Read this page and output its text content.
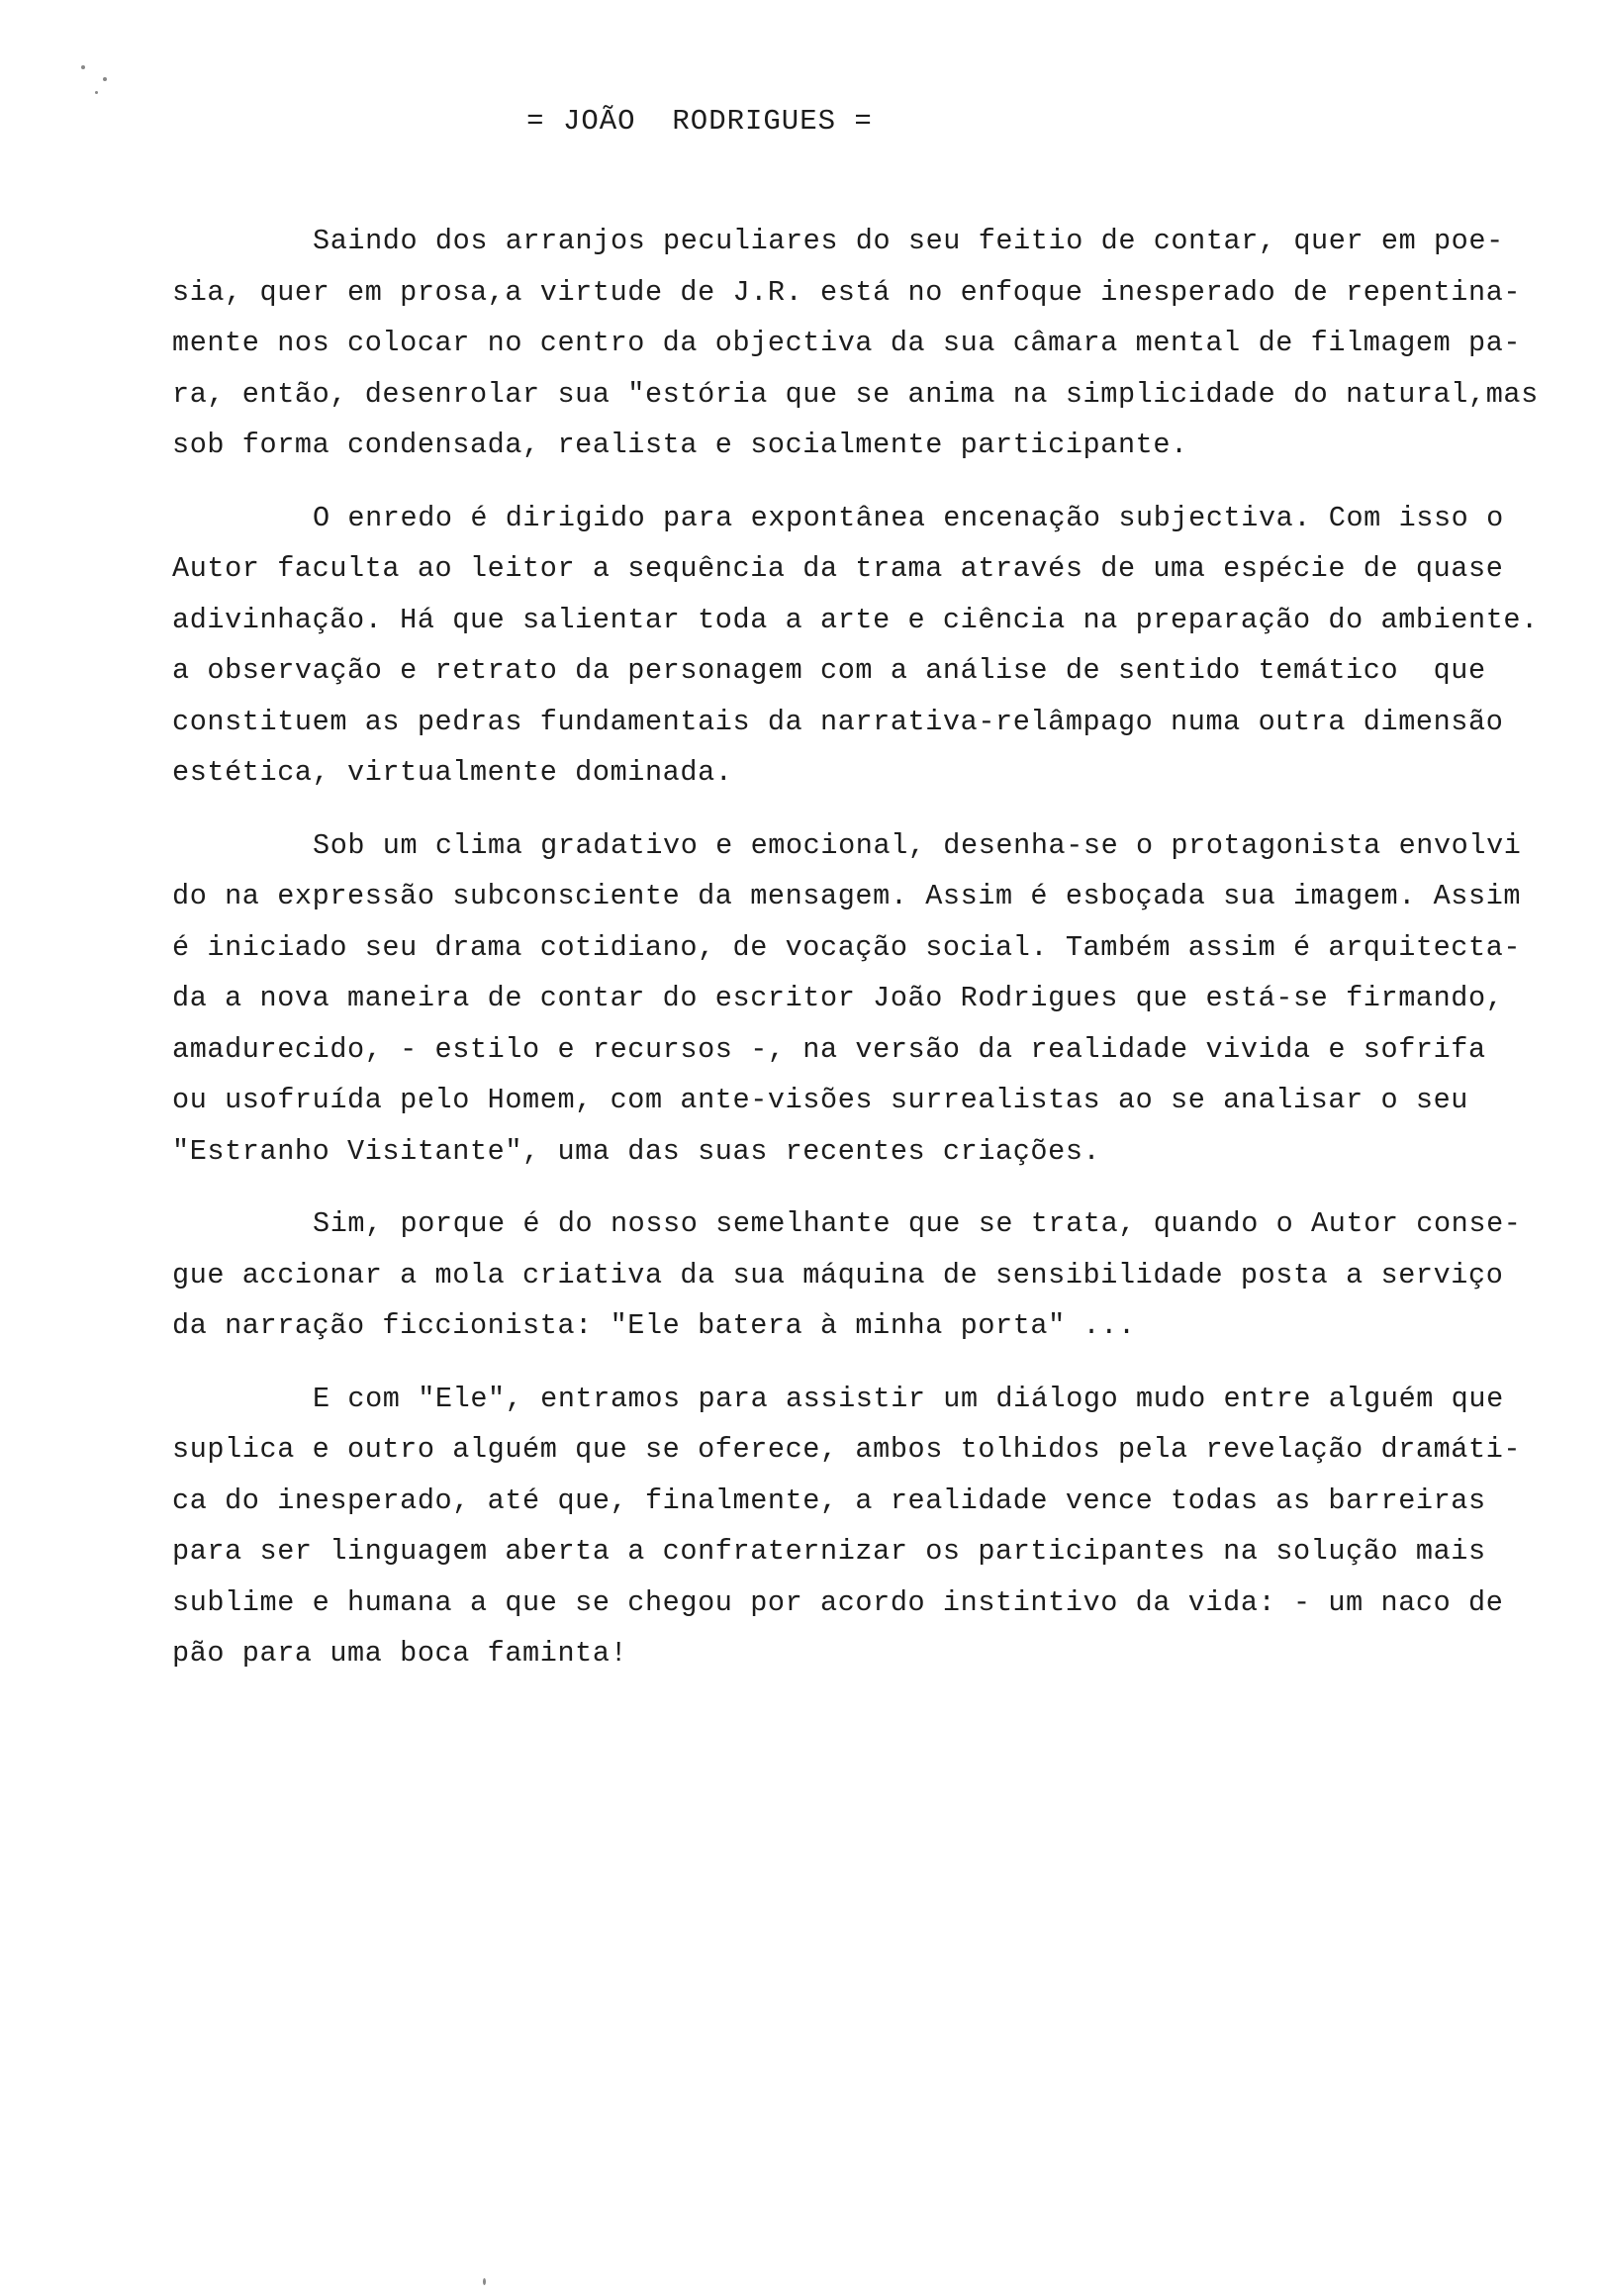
= JOÃO  RODRIGUES =
Saindo dos arranjos peculiares do seu feitio de contar, quer em poe-
sia, quer em prosa,a virtude de J.R. está no enfoque inesperado de repentina-
mente nos colocar no centro da objectiva da sua câmara mental de filmagem pa-
ra, então, desenrolar sua "estória que se anima na simplicidade do natural,mas
sob forma condensada, realista e socialmente participante.
O enredo é dirigido para expontânea encenação subjectiva. Com isso o
Autor faculta ao leitor a sequência da trama através de uma espécie de quase
adivinhação. Há que salientar toda a arte e ciência na preparação do ambiente.
a observação e retrato da personagem com a análise de sentido temático  que
constituem as pedras fundamentais da narrativa-relâmpago numa outra dimensão
estética, virtualmente dominada.
Sob um clima gradativo e emocional, desenha-se o protagonista envolvi
do na expressão subconsciente da mensagem. Assim é esboçada sua imagem. Assim
é iniciado seu drama cotidiano, de vocação social. Também assim é arquitecta-
da a nova maneira de contar do escritor João Rodrigues que está-se firmando,
amadurecido, - estilo e recursos -, na versão da realidade vivida e sofrifa
ou usofruída pelo Homem, com ante-visões surrealistas ao se analisar o seu
"Estranho Visitante", uma das suas recentes criações.
Sim, porque é do nosso semelhante que se trata, quando o Autor conse-
gue accionar a mola criativa da sua máquina de sensibilidade posta a serviço
da narração ficcionista: "Ele batera à minha porta" ...
E com "Ele", entramos para assistir um diálogo mudo entre alguém que
suplica e outro alguém que se oferece, ambos tolhidos pela revelação dramáti-
ca do inesperado, até que, finalmente, a realidade vence todas as barreiras
para ser linguagem aberta a confraternizar os participantes na solução mais
sublime e humana a que se chegou por acordo instintivo da vida: - um naco de
pão para uma boca faminta!
